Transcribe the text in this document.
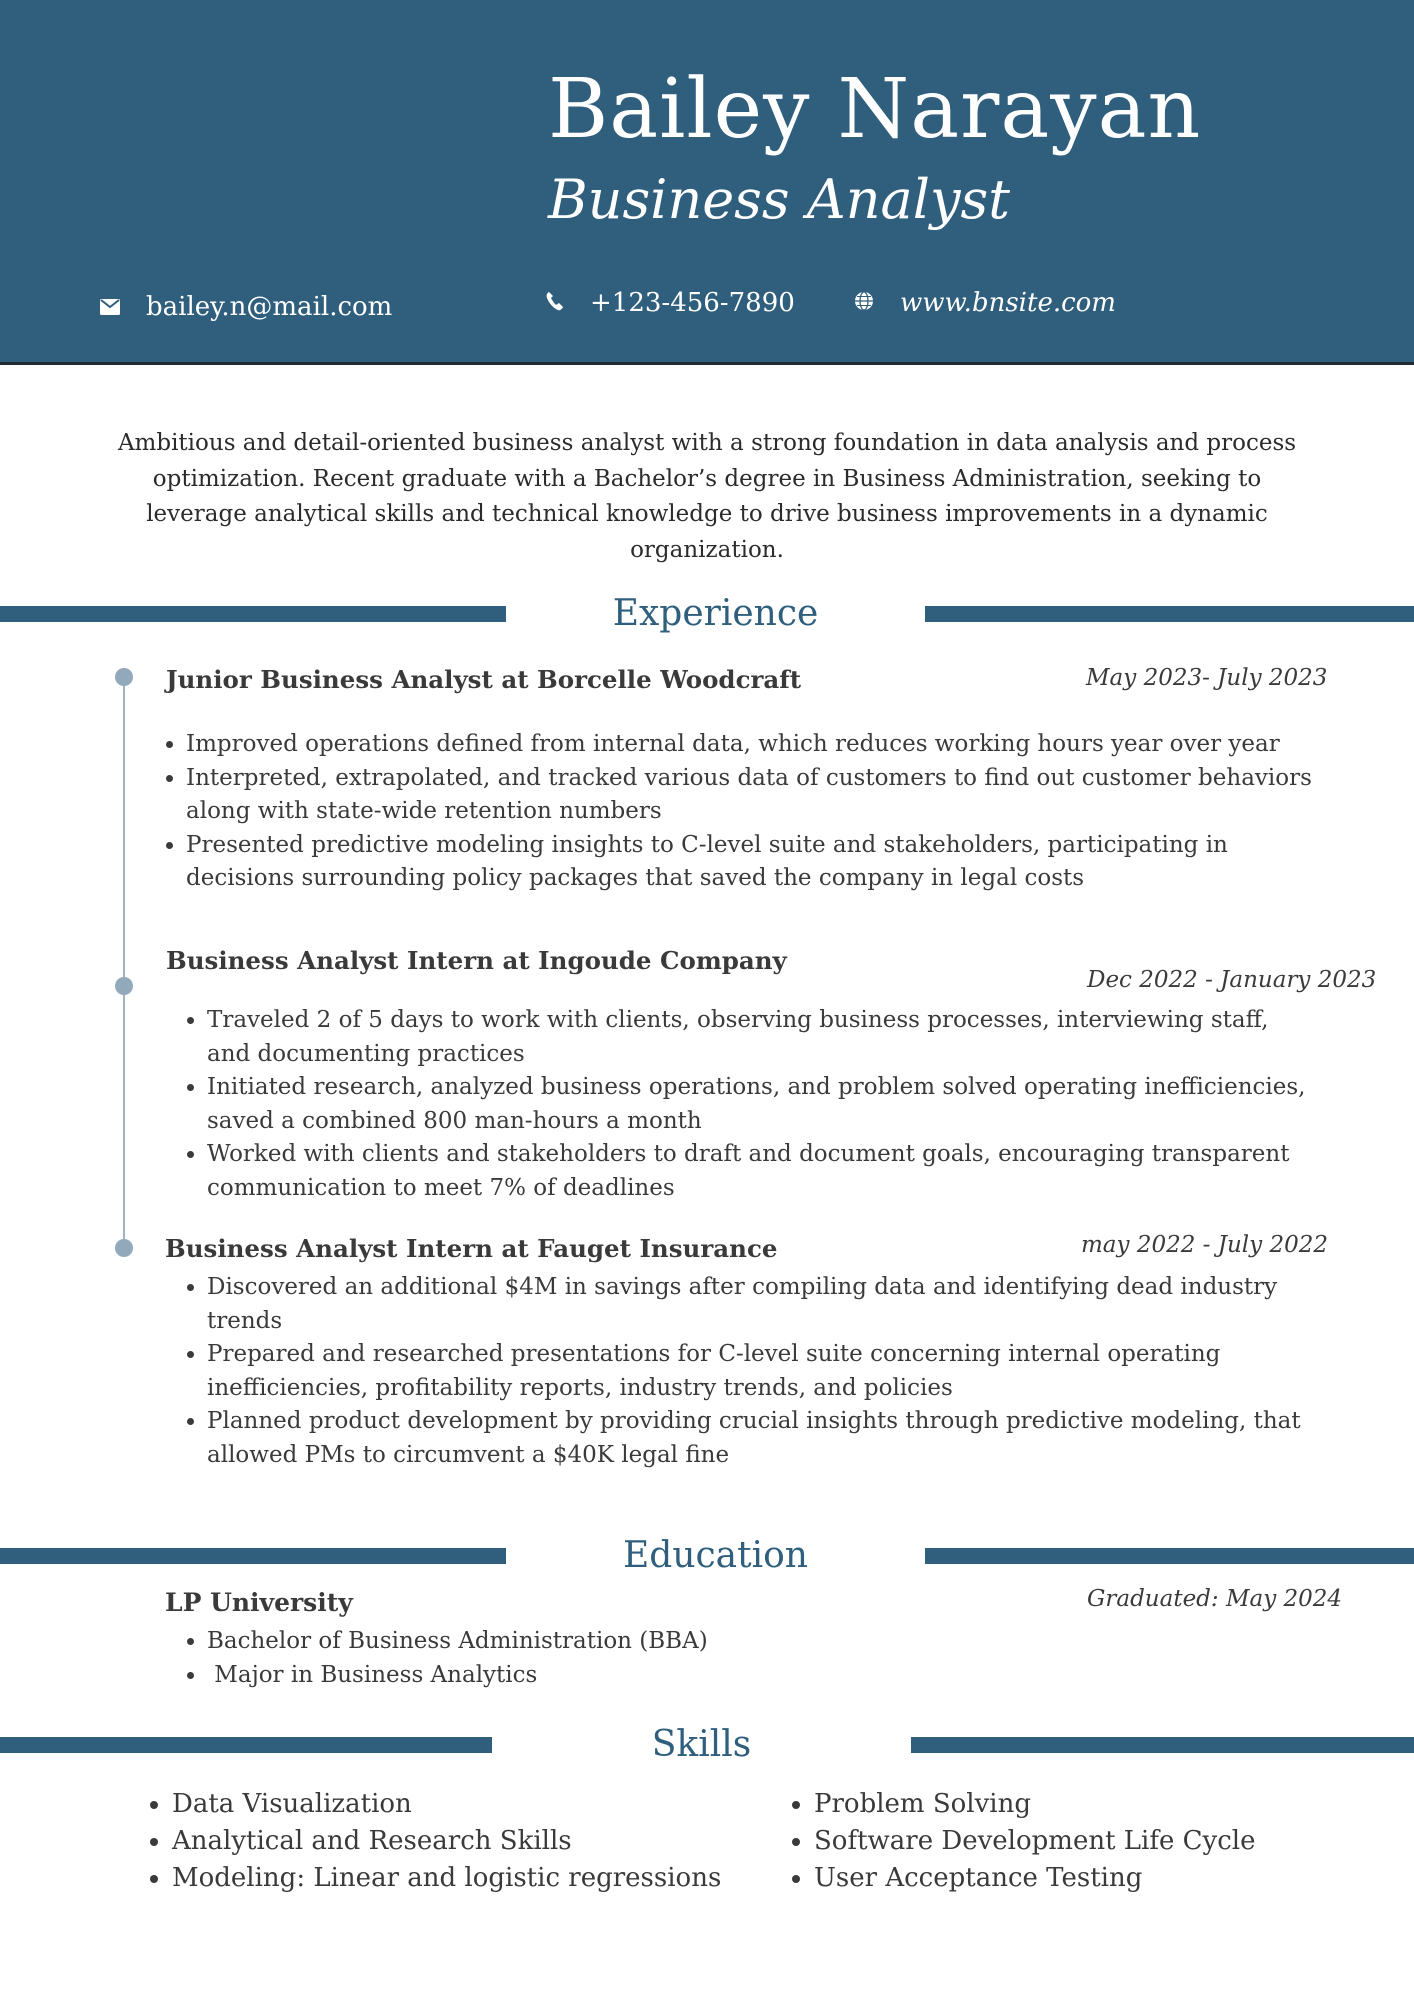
Bailey Narayan
Business Analyst
bailey.n@mail.com	+123-456-7890	www.bnsite.com

Ambitious and detail-oriented business analyst with a strong foundation in data analysis and process optimization. Recent graduate with a Bachelor’s degree in Business Administration, seeking to leverage analytical skills and technical knowledge to drive business improvements in a dynamic organization.

Experience
Junior Business Analyst at Borcelle Woodcraft	May 2023- July 2023
• Improved operations defined from internal data, which reduces working hours year over year
• Interpreted, extrapolated, and tracked various data of customers to find out customer behaviors along with state-wide retention numbers
• Presented predictive modeling insights to C-level suite and stakeholders, participating in decisions surrounding policy packages that saved the company in legal costs
Business Analyst Intern at Ingoude Company
Dec 2022 - January 2023
• Traveled 2 of 5 days to work with clients, observing business processes, interviewing staff, and documenting practices
• Initiated research, analyzed business operations, and problem solved operating inefficiencies, saved a combined 800 man-hours a month
• Worked with clients and stakeholders to draft and document goals, encouraging transparent communication to meet 7% of deadlines
Business Analyst Intern at Fauget Insurance	may 2022 - July 2022
• Discovered an additional $4M in savings after compiling data and identifying dead industry trends
• Prepared and researched presentations for C-level suite concerning internal operating inefficiencies, profitability reports, industry trends, and policies
• Planned product development by providing crucial insights through predictive modeling, that allowed PMs to circumvent a $40K legal fine
Education
LP University	Graduated: May 2024
• Bachelor of Business Administration (BBA)
•  Major in Business Analytics
Skills
• Data Visualization
• Analytical and Research Skills
• Modeling: Linear and logistic regressions
• Problem Solving
• Software Development Life Cycle
• User Acceptance Testing
